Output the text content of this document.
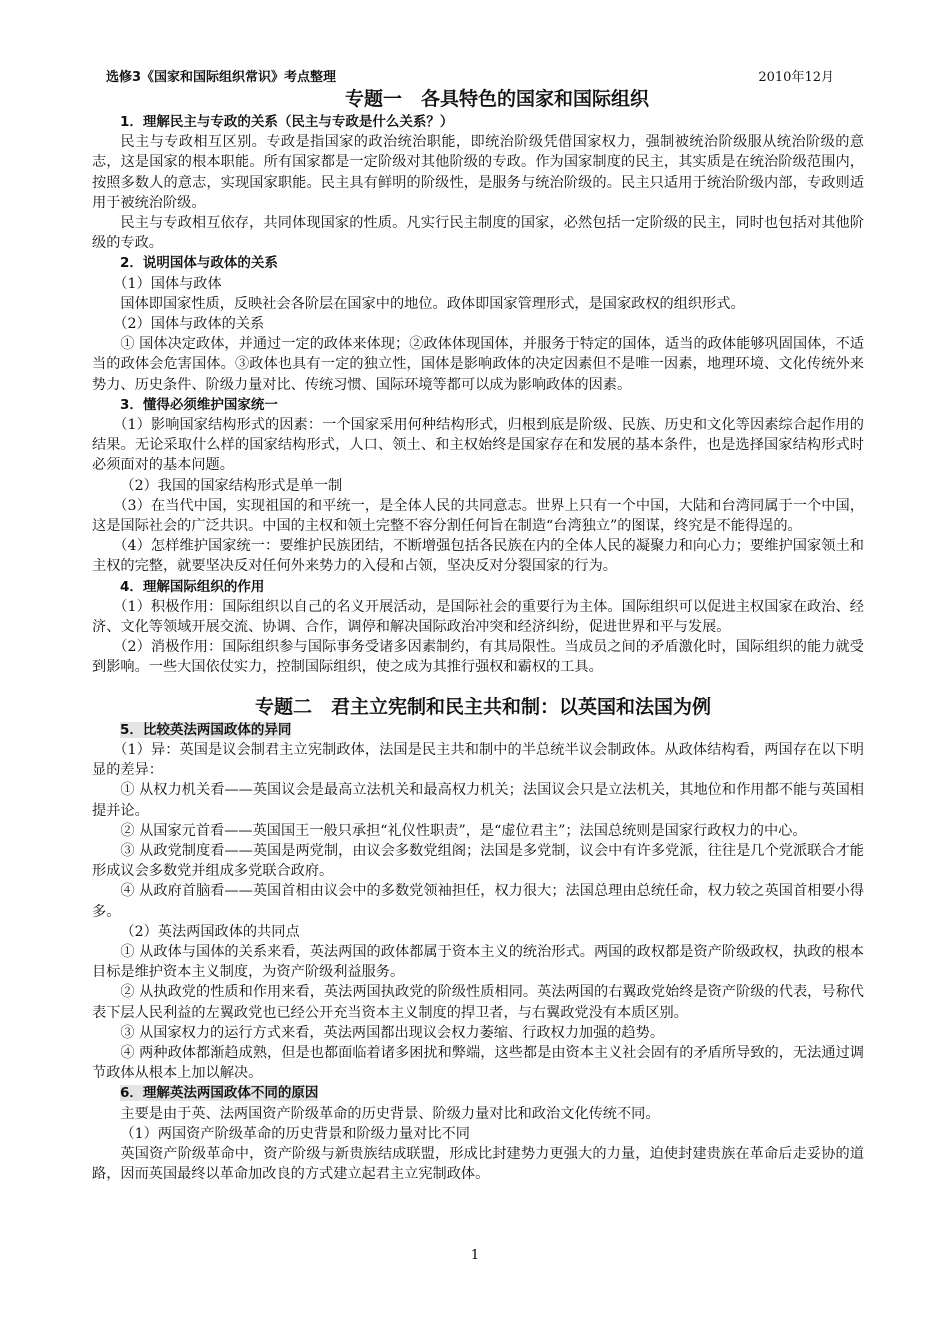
选修3《国家和国际组织常识》考点整理	2010年12月
专题一　各具特色的国家和国际组织
1．理解民主与专政的关系（民主与专政是什么关系？）

民主与专政相互区别。专政是指国家的政治统治职能，即统治阶级凭借国家权力，强制被统治阶级服从统治阶级的意志，这是国家的根本职能。所有国家都是一定阶级对其他阶级的专政。作为国家制度的民主，其实质是在统治阶级范围内，按照多数人的意志，实现国家职能。民主具有鲜明的阶级性，是服务与统治阶级的。民主只适用于统治阶级内部，专政则适用于被统治阶级。

民主与专政相互依存，共同体现国家的性质。凡实行民主制度的国家，必然包括一定阶级的民主，同时也包括对其他阶级的专政。

2．说明国体与政体的关系

（1）国体与政体

国体即国家性质，反映社会各阶层在国家中的地位。政体即国家管理形式，是国家政权的组织形式。

（2）国体与政体的关系

① 国体决定政体，并通过一定的政体来体现；②政体体现国体，并服务于特定的国体，适当的政体能够巩固国体，不适当的政体会危害国体。③政体也具有一定的独立性，国体是影响政体的决定因素但不是唯一因素，地理环境、文化传统外来势力、历史条件、阶级力量对比、传统习惯、国际环境等都可以成为影响政体的因素。

3．懂得必须维护国家统一

（1）影响国家结构形式的因素：一个国家采用何种结构形式，归根到底是阶级、民族、历史和文化等因素综合起作用的结果。无论采取什么样的国家结构形式，人口、领土、和主权始终是国家存在和发展的基本条件，也是选择国家结构形式时必须面对的基本问题。

（2）我国的国家结构形式是单一制

（3）在当代中国，实现祖国的和平统一，是全体人民的共同意志。世界上只有一个中国，大陆和台湾同属于一个中国，这是国际社会的广泛共识。中国的主权和领土完整不容分割任何旨在制造“台湾独立”的图谋，终究是不能得逞的。

（4）怎样维护国家统一：要维护民族团结，不断增强包括各民族在内的全体人民的凝聚力和向心力；要维护国家领土和主权的完整，就要坚决反对任何外来势力的入侵和占领，坚决反对分裂国家的行为。

4．理解国际组织的作用

（1）积极作用：国际组织以自己的名义开展活动，是国际社会的重要行为主体。国际组织可以促进主权国家在政治、经济、文化等领域开展交流、协调、合作，调停和解决国际政治冲突和经济纠纷，促进世界和平与发展。

（2）消极作用：国际组织参与国际事务受诸多因素制约，有其局限性。当成员之间的矛盾激化时，国际组织的能力就受到影响。一些大国依仗实力，控制国际组织，使之成为其推行强权和霸权的工具。

专题二　君主立宪制和民主共和制：以英国和法国为例
5．比较英法两国政体的异同

（1）异：英国是议会制君主立宪制政体，法国是民主共和制中的半总统半议会制政体。从政体结构看，两国存在以下明显的差异：

① 从权力机关看——英国议会是最高立法机关和最高权力机关；法国议会只是立法机关，其地位和作用都不能与英国相提并论。

② 从国家元首看——英国国王一般只承担“礼仪性职责”，是“虚位君主”；法国总统则是国家行政权力的中心。

③ 从政党制度看——英国是两党制，由议会多数党组阁；法国是多党制，议会中有许多党派，往往是几个党派联合才能形成议会多数党并组成多党联合政府。

④ 从政府首脑看——英国首相由议会中的多数党领袖担任，权力很大；法国总理由总统任命，权力较之英国首相要小得多。

（2）英法两国政体的共同点

① 从政体与国体的关系来看，英法两国的政体都属于资本主义的统治形式。两国的政权都是资产阶级政权，执政的根本目标是维护资本主义制度，为资产阶级利益服务。

② 从执政党的性质和作用来看，英法两国执政党的阶级性质相同。英法两国的右翼政党始终是资产阶级的代表，号称代表下层人民利益的左翼政党也已经公开充当资本主义制度的捍卫者，与右翼政党没有本质区别。

③ 从国家权力的运行方式来看，英法两国都出现议会权力萎缩、行政权力加强的趋势。

④ 两种政体都渐趋成熟，但是也都面临着诸多困扰和弊端，这些都是由资本主义社会固有的矛盾所导致的，无法通过调节政体从根本上加以解决。

6．理解英法两国政体不同的原因

主要是由于英、法两国资产阶级革命的历史背景、阶级力量对比和政治文化传统不同。

（1）两国资产阶级革命的历史背景和阶级力量对比不同

英国资产阶级革命中，资产阶级与新贵族结成联盟，形成比封建势力更强大的力量，迫使封建贵族在革命后走妥协的道路，因而英国最终以革命加改良的方式建立起君主立宪制政体。

1
